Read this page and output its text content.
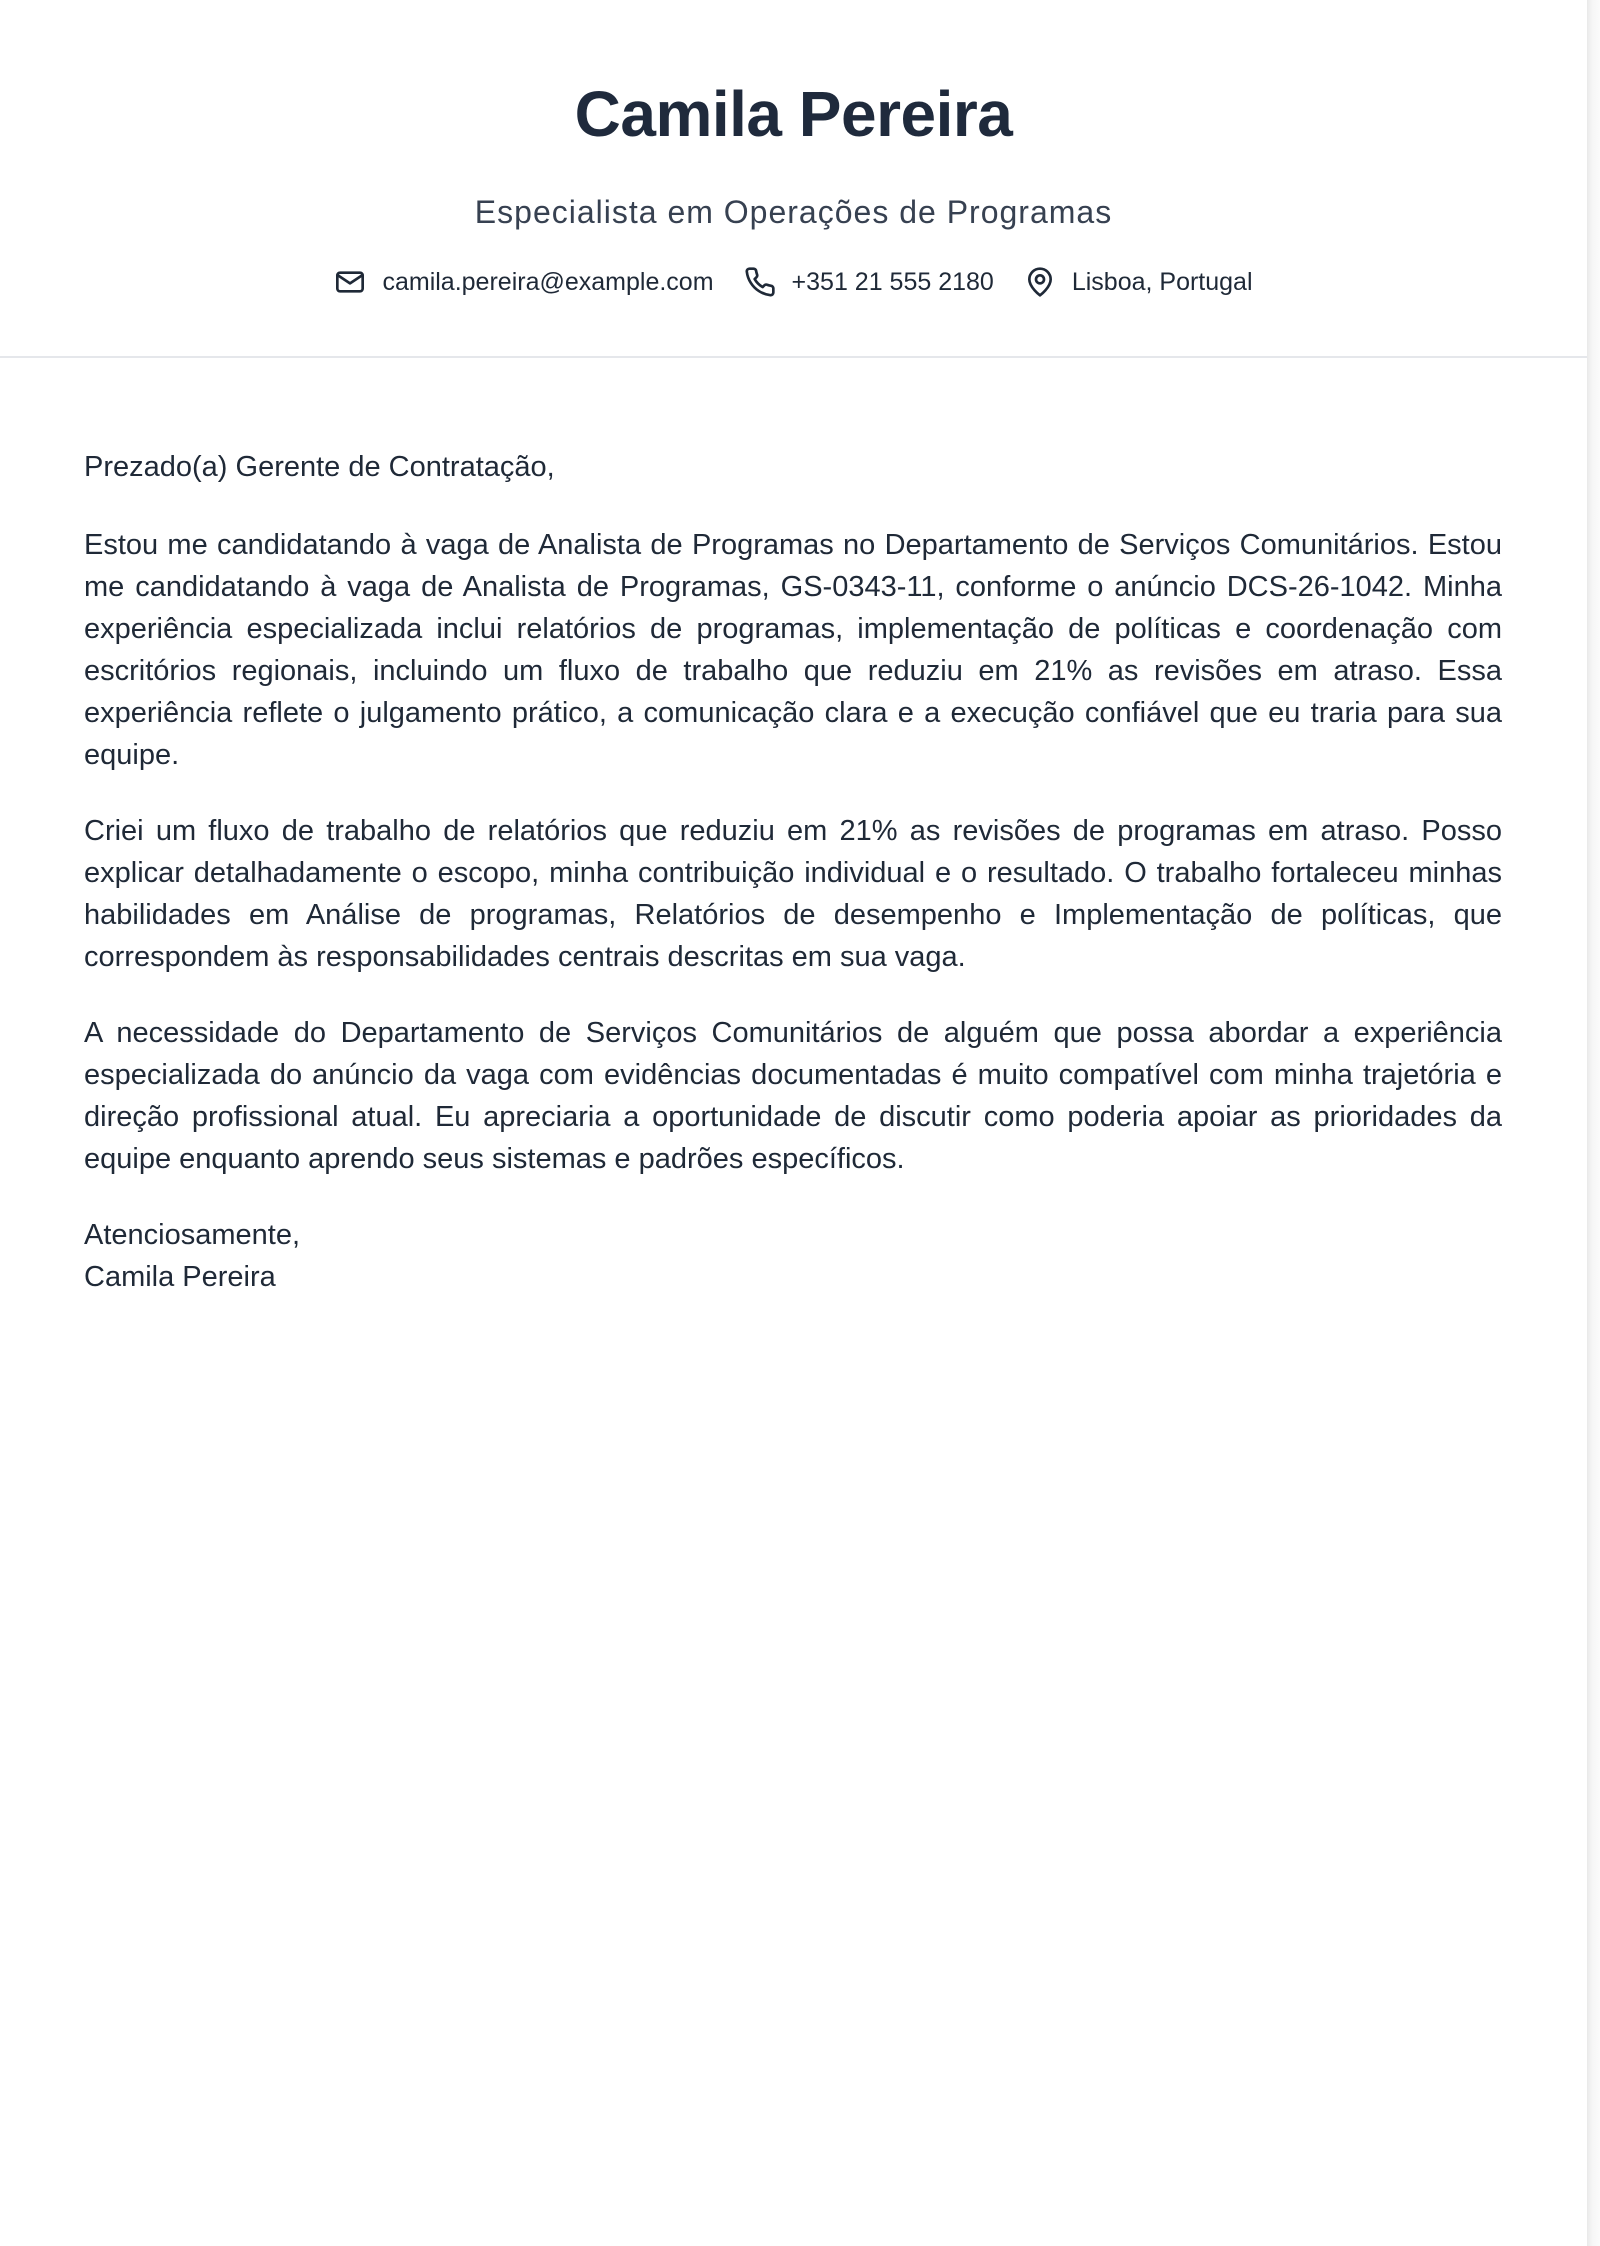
Camila Pereira
Especialista em Operações de Programas
camila.pereira@example.com	+351 21 555 2180	Lisboa, Portugal

Prezado(a) Gerente de Contratação,

Estou me candidatando à vaga de Analista de Programas no Departamento de Serviços Comunitários. Estou me candidatando à vaga de Analista de Programas, GS-0343-11, conforme o anúncio DCS-26-1042. Minha experiência especializada inclui relatórios de programas, implementação de políticas e coordenação com escritórios regionais, incluindo um fluxo de trabalho que reduziu em 21% as revisões em atraso. Essa experiência reflete o julgamento prático, a comunicação clara e a execução confiável que eu traria para sua equipe.

Criei um fluxo de trabalho de relatórios que reduziu em 21% as revisões de programas em atraso. Posso explicar detalhadamente o escopo, minha contribuição individual e o resultado. O trabalho fortaleceu minhas habilidades em Análise de programas, Relatórios de desempenho e Implementação de políticas, que correspondem às responsabilidades centrais descritas em sua vaga.

A necessidade do Departamento de Serviços Comunitários de alguém que possa abordar a experiência especializada do anúncio da vaga com evidências documentadas é muito compatível com minha trajetória e direção profissional atual. Eu apreciaria a oportunidade de discutir como poderia apoiar as prioridades da equipe enquanto aprendo seus sistemas e padrões específicos.

Atenciosamente,
Camila Pereira
